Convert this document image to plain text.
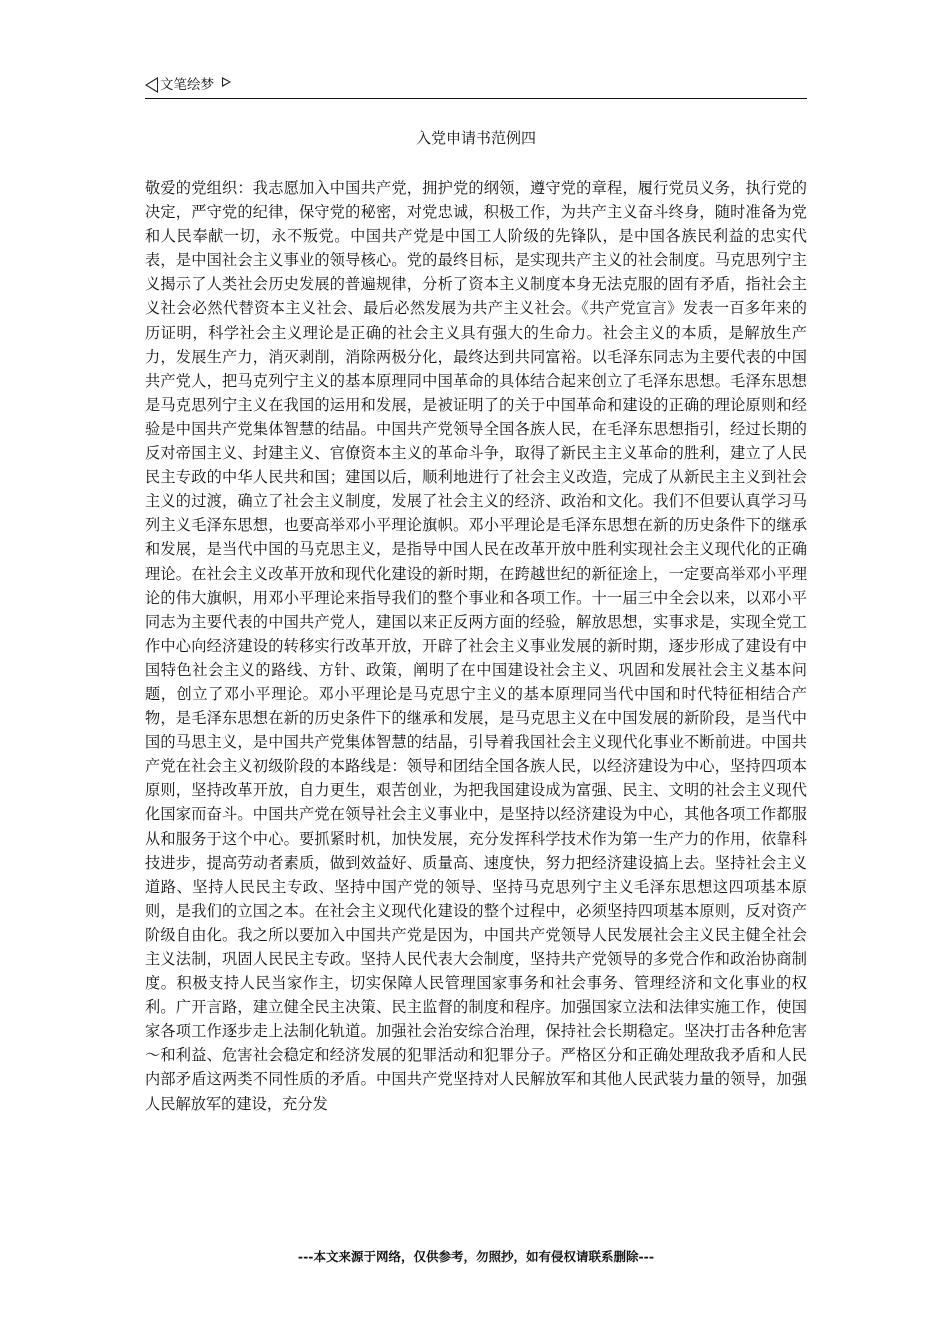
文笔绘梦
入党申请书范例四

敬爱的党组织：我志愿加入中国共产党，拥护党的纲领，遵守党的章程，履行党员义务，执行党的决定，严守党的纪律，保守党的秘密，对党忠诚，积极工作，为共产主义奋斗终身，随时准备为党和人民奉献一切，永不叛党。中国共产党是中国工人阶级的先锋队，是中国各族民利益的忠实代表，是中国社会主义事业的领导核心。党的最终目标，是实现共产主义的社会制度。马克思列宁主义揭示了人类社会历史发展的普遍规律，分析了资本主义制度本身无法克服的固有矛盾，指社会主义社会必然代替资本主义社会、最后必然发展为共产主义社会。《共产党宣言》发表一百多年来的历证明，科学社会主义理论是正确的社会主义具有强大的生命力。社会主义的本质，是解放生产力，发展生产力，消灭剥削，消除两极分化，最终达到共同富裕。以毛泽东同志为主要代表的中国共产党人，把马克列宁主义的基本原理同中国革命的具体结合起来创立了毛泽东思想。毛泽东思想是马克思列宁主义在我国的运用和发展，是被证明了的关于中国革命和建设的正确的理论原则和经验是中国共产党集体智慧的结晶。中国共产党领导全国各族人民，在毛泽东思想指引，经过长期的反对帝国主义、封建主义、官僚资本主义的革命斗争，取得了新民主主义革命的胜利，建立了人民民主专政的中华人民共和国；建国以后，顺利地进行了社会主义改造，完成了从新民主主义到社会主义的过渡，确立了社会主义制度，发展了社会主义的经济、政治和文化。我们不但要认真学习马列主义毛泽东思想，也要高举邓小平理论旗帜。邓小平理论是毛泽东思想在新的历史条件下的继承和发展，是当代中国的马克思主义，是指导中国人民在改革开放中胜利实现社会主义现代化的正确理论。在社会主义改革开放和现代化建设的新时期，在跨越世纪的新征途上，一定要高举邓小平理论的伟大旗帜，用邓小平理论来指导我们的整个事业和各项工作。十一届三中全会以来，以邓小平同志为主要代表的中国共产党人，建国以来正反两方面的经验，解放思想，实事求是，实现全党工作中心向经济建设的转移实行改革开放，开辟了社会主义事业发展的新时期，逐步形成了建设有中国特色社会主义的路线、方针、政策，阐明了在中国建设社会主义、巩固和发展社会主义基本问题，创立了邓小平理论。邓小平理论是马克思宁主义的基本原理同当代中国和时代特征相结合产物，是毛泽东思想在新的历史条件下的继承和发展，是马克思主义在中国发展的新阶段，是当代中国的马思主义，是中国共产党集体智慧的结晶，引导着我国社会主义现代化事业不断前进。中国共产党在社会主义初级阶段的本路线是：领导和团结全国各族人民，以经济建设为中心，坚持四项本原则，坚持改革开放，自力更生，艰苦创业，为把我国建设成为富强、民主、文明的社会主义现代化国家而奋斗。中国共产党在领导社会主义事业中，是坚持以经济建设为中心，其他各项工作都服从和服务于这个中心。要抓紧时机，加快发展，充分发挥科学技术作为第一生产力的作用，依靠科技进步，提高劳动者素质，做到效益好、质量高、速度快，努力把经济建设搞上去。坚持社会主义道路、坚持人民民主专政、坚持中国产党的领导、坚持马克思列宁主义毛泽东思想这四项基本原则，是我们的立国之本。在社会主义现代化建设的整个过程中，必须坚持四项基本原则，反对资产阶级自由化。我之所以要加入中国共产党是因为，中国共产党领导人民发展社会主义民主健全社会主义法制，巩固人民民主专政。坚持人民代表大会制度，坚持共产党领导的多党合作和政治协商制度。积极支持人民当家作主，切实保障人民管理国家事务和社会事务、管理经济和文化事业的权利。广开言路，建立健全民主决策、民主监督的制度和程序。加强国家立法和法律实施工作，使国家各项工作逐步走上法制化轨道。加强社会治安综合治理，保持社会长期稳定。坚决打击各种危害～和利益、危害社会稳定和经济发展的犯罪活动和犯罪分子。严格区分和正确处理敌我矛盾和人民内部矛盾这两类不同性质的矛盾。中国共产党坚持对人民解放军和其他人民武装力量的领导，加强人民解放军的建设，充分发

---本文来源于网络，仅供参考，勿照抄，如有侵权请联系删除---
